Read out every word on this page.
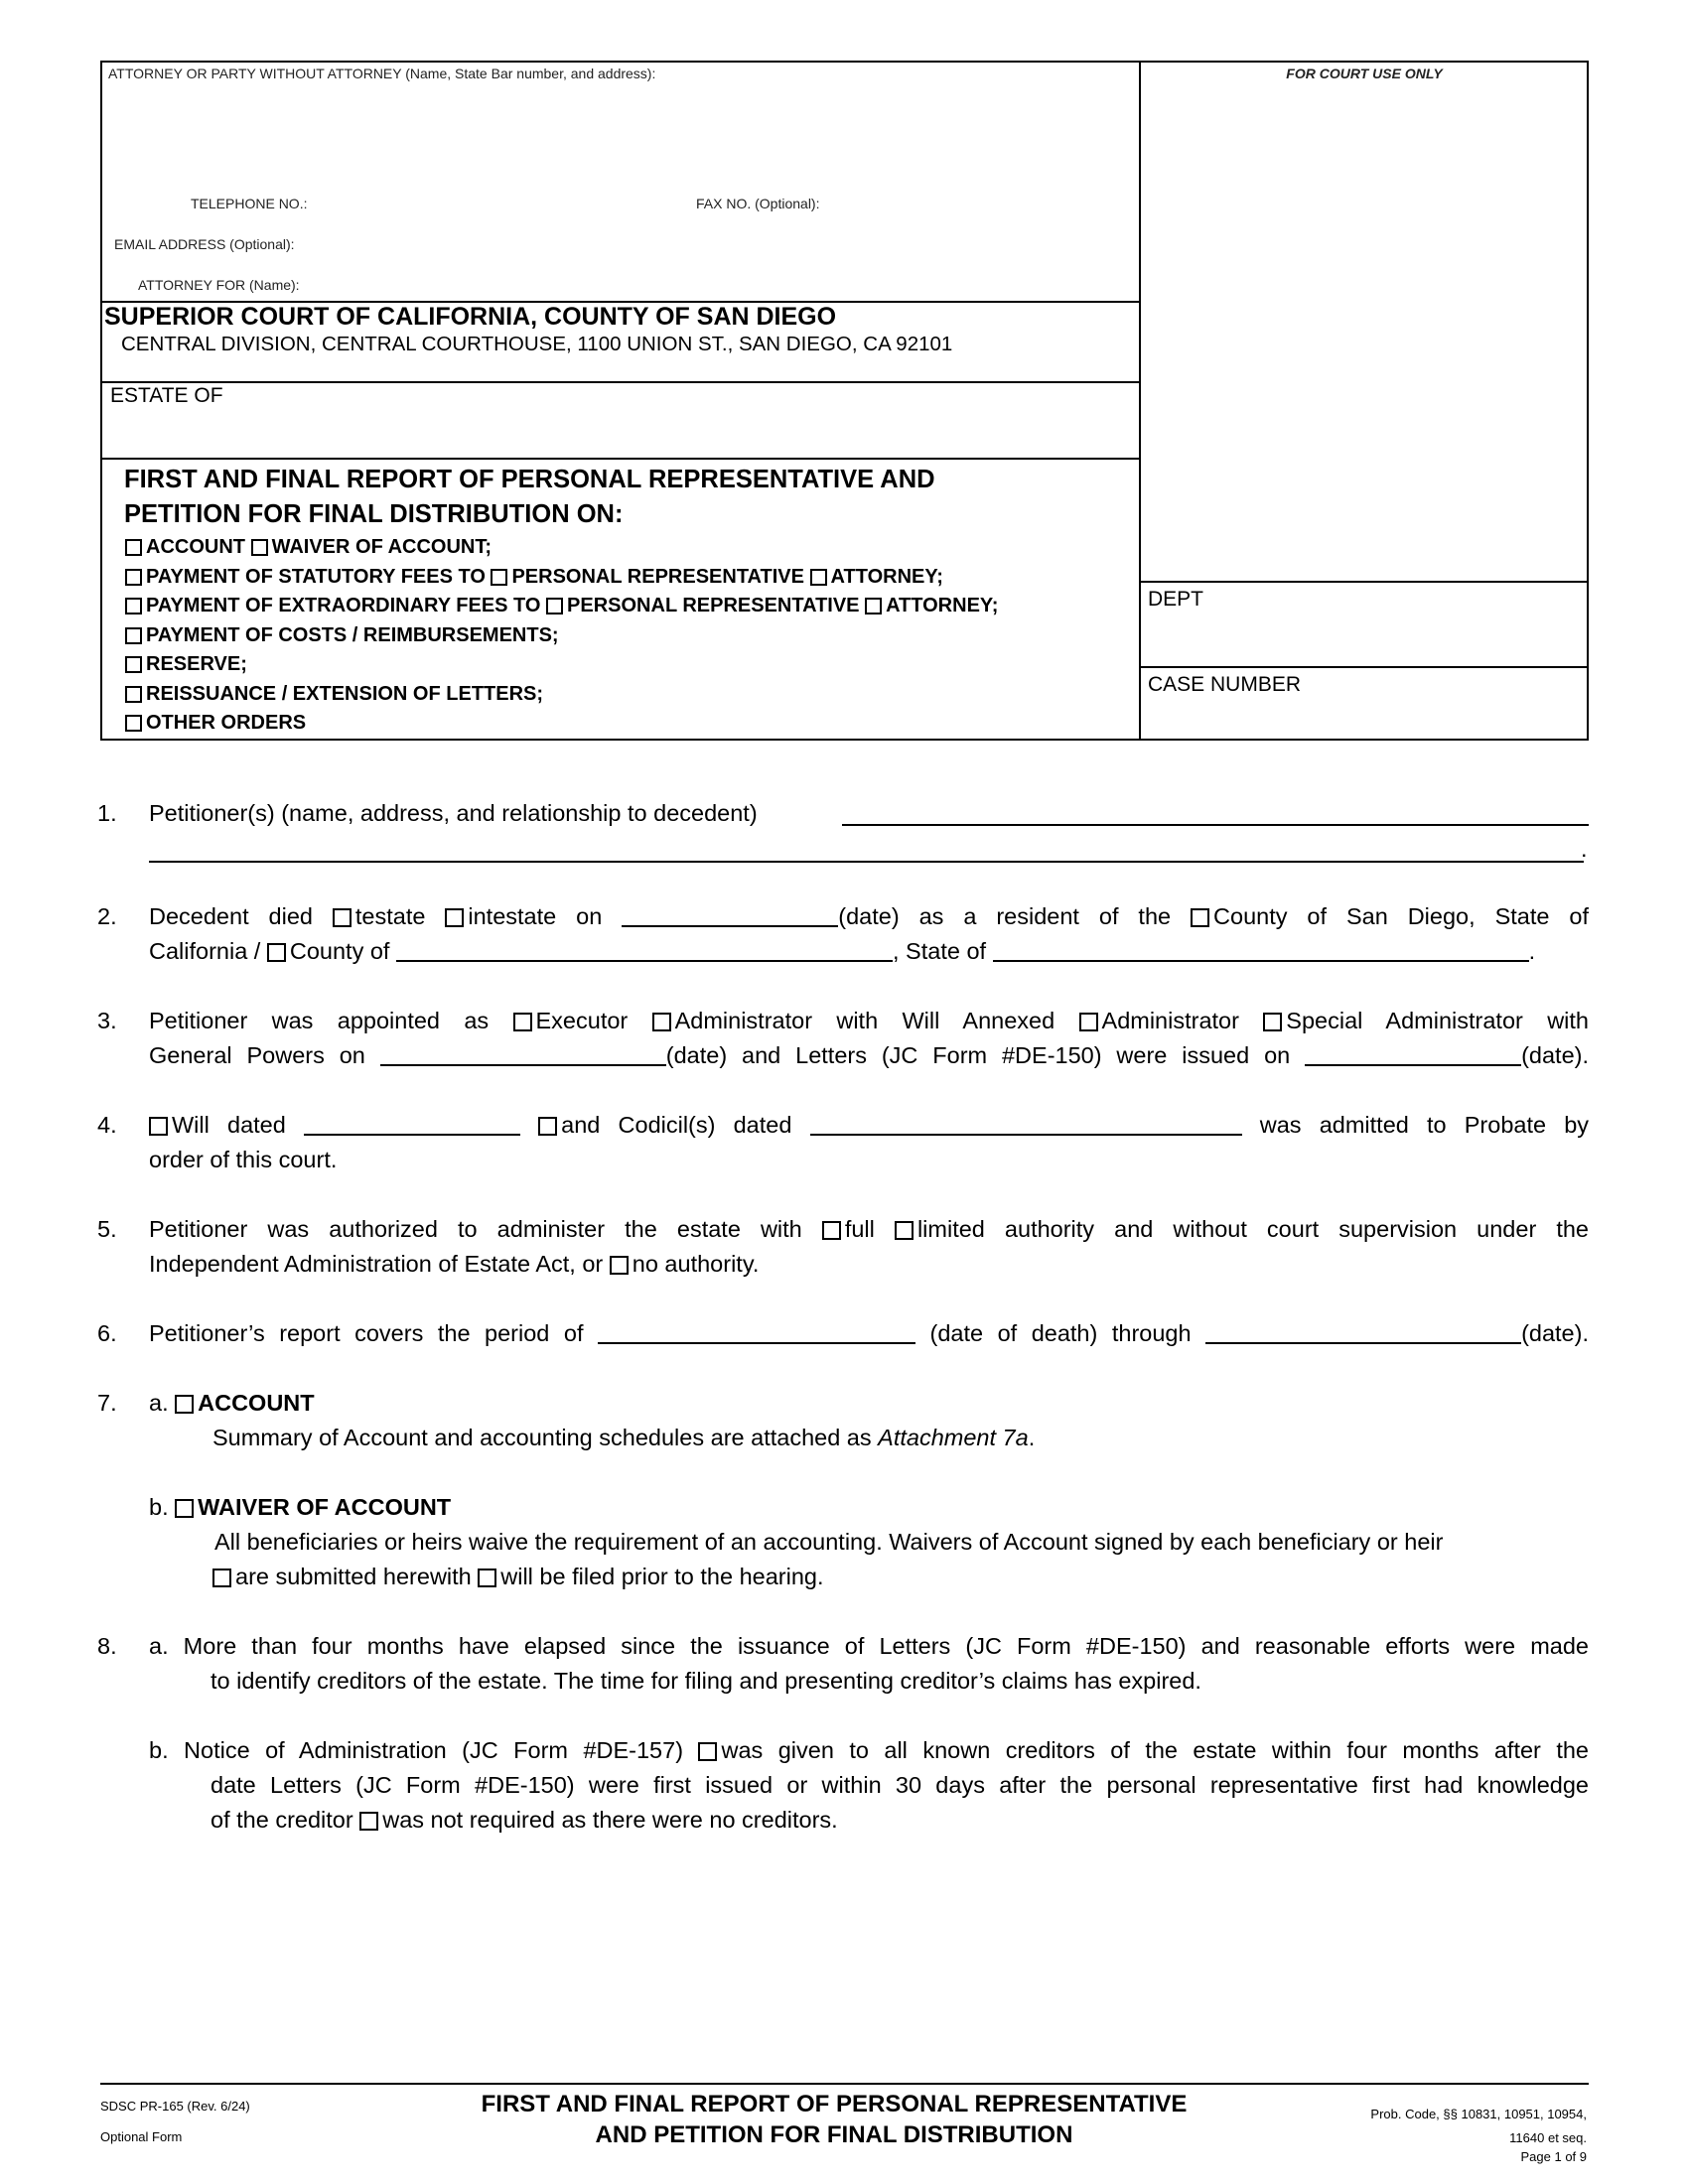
ATTORNEY OR PARTY WITHOUT ATTORNEY (Name, State Bar number, and address):	FOR COURT USE ONLY
TELEPHONE NO.:	FAX NO. (Optional):
EMAIL ADDRESS (Optional):
ATTORNEY FOR (Name):
SUPERIOR COURT OF CALIFORNIA, COUNTY OF SAN DIEGO
CENTRAL DIVISION, CENTRAL COURTHOUSE, 1100 UNION ST., SAN DIEGO, CA 92101
ESTATE OF
DEPT
CASE NUMBER
FIRST AND FINAL REPORT OF PERSONAL REPRESENTATIVE AND
PETITION FOR FINAL DISTRIBUTION ON:
ACCOUNT WAIVER OF ACCOUNT;
PAYMENT OF STATUTORY FEES TO PERSONAL REPRESENTATIVE ATTORNEY;
PAYMENT OF EXTRAORDINARY FEES TO PERSONAL REPRESENTATIVE ATTORNEY;
PAYMENT OF COSTS / REIMBURSEMENTS;
RESERVE;
REISSUANCE / EXTENSION OF LETTERS;
OTHER ORDERS
1. Petitioner(s) (name, address, and relationship to decedent)
.
2. Decedent died testate intestate on	(date) as a resident of the County of San Diego, State of
California / County of	, State of	.
3. Petitioner was appointed as Executor Administrator with Will Annexed Administrator Special Administrator with
General Powers on	(date) and Letters (JC Form #DE-150) were issued on	(date).
4.	Will dated	and Codicil(s) dated	was admitted to Probate by
order of this court.
5. Petitioner was authorized to administer the estate with full limited authority and without court supervision under the
Independent Administration of Estate Act, or no authority.
6. Petitioner’s report covers the period of	(date of death) through	(date).
7. a. ACCOUNT
Summary of Account and accounting schedules are attached as Attachment 7a.
b. WAIVER OF ACCOUNT
All beneficiaries or heirs waive the requirement of an accounting. Waivers of Account signed by each beneficiary or heir
are submitted herewith will be filed prior to the hearing.
8. a. More than four months have elapsed since the issuance of Letters (JC Form #DE-150) and reasonable efforts were made
to identify creditors of the estate. The time for filing and presenting creditor’s claims has expired.
b. Notice of Administration (JC Form #DE-157) was given to all known creditors of the estate within four months after the
date Letters (JC Form #DE-150) were first issued or within 30 days after the personal representative first had knowledge
of the creditor was not required as there were no creditors.
SDSC PR-165 (Rev. 6/24)
Optional Form
FIRST AND FINAL REPORT OF PERSONAL REPRESENTATIVE
AND PETITION FOR FINAL DISTRIBUTION
Prob. Code, §§ 10831, 10951, 10954,
11640 et seq.
Page 1 of 9
